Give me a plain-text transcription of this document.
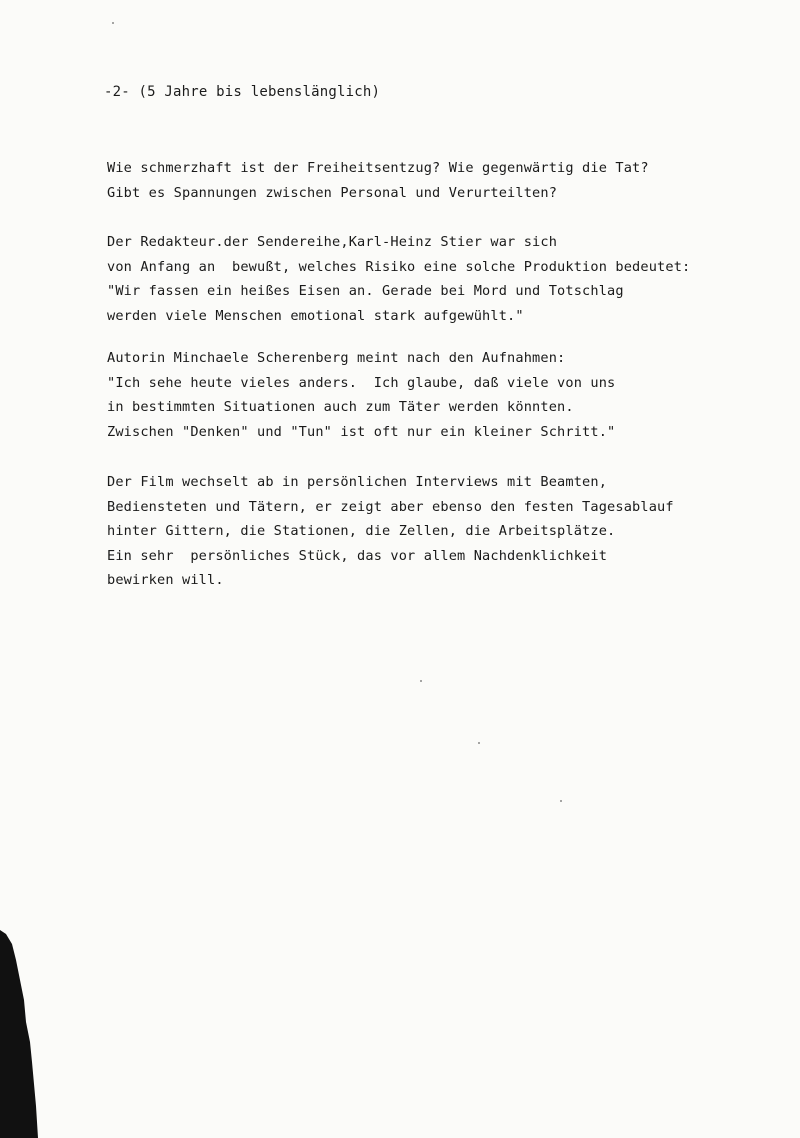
-2- (5 Jahre bis lebenslänglich)
Wie schmerzhaft ist der Freiheitsentzug? Wie gegenwärtig die Tat?
Gibt es Spannungen zwischen Personal und Verurteilten?
Der Redakteur.der Sendereihe,Karl-Heinz Stier war sich
von Anfang an  bewußt, welches Risiko eine solche Produktion bedeutet:
"Wir fassen ein heißes Eisen an. Gerade bei Mord und Totschlag
werden viele Menschen emotional stark aufgewühlt."
Autorin Minchaele Scherenberg meint nach den Aufnahmen:
"Ich sehe heute vieles anders.  Ich glaube, daß viele von uns
in bestimmten Situationen auch zum Täter werden könnten.
Zwischen "Denken" und "Tun" ist oft nur ein kleiner Schritt."
Der Film wechselt ab in persönlichen Interviews mit Beamten,
Bediensteten und Tätern, er zeigt aber ebenso den festen Tagesablauf
hinter Gittern, die Stationen, die Zellen, die Arbeitsplätze.
Ein sehr  persönliches Stück, das vor allem Nachdenklichkeit
bewirken will.
